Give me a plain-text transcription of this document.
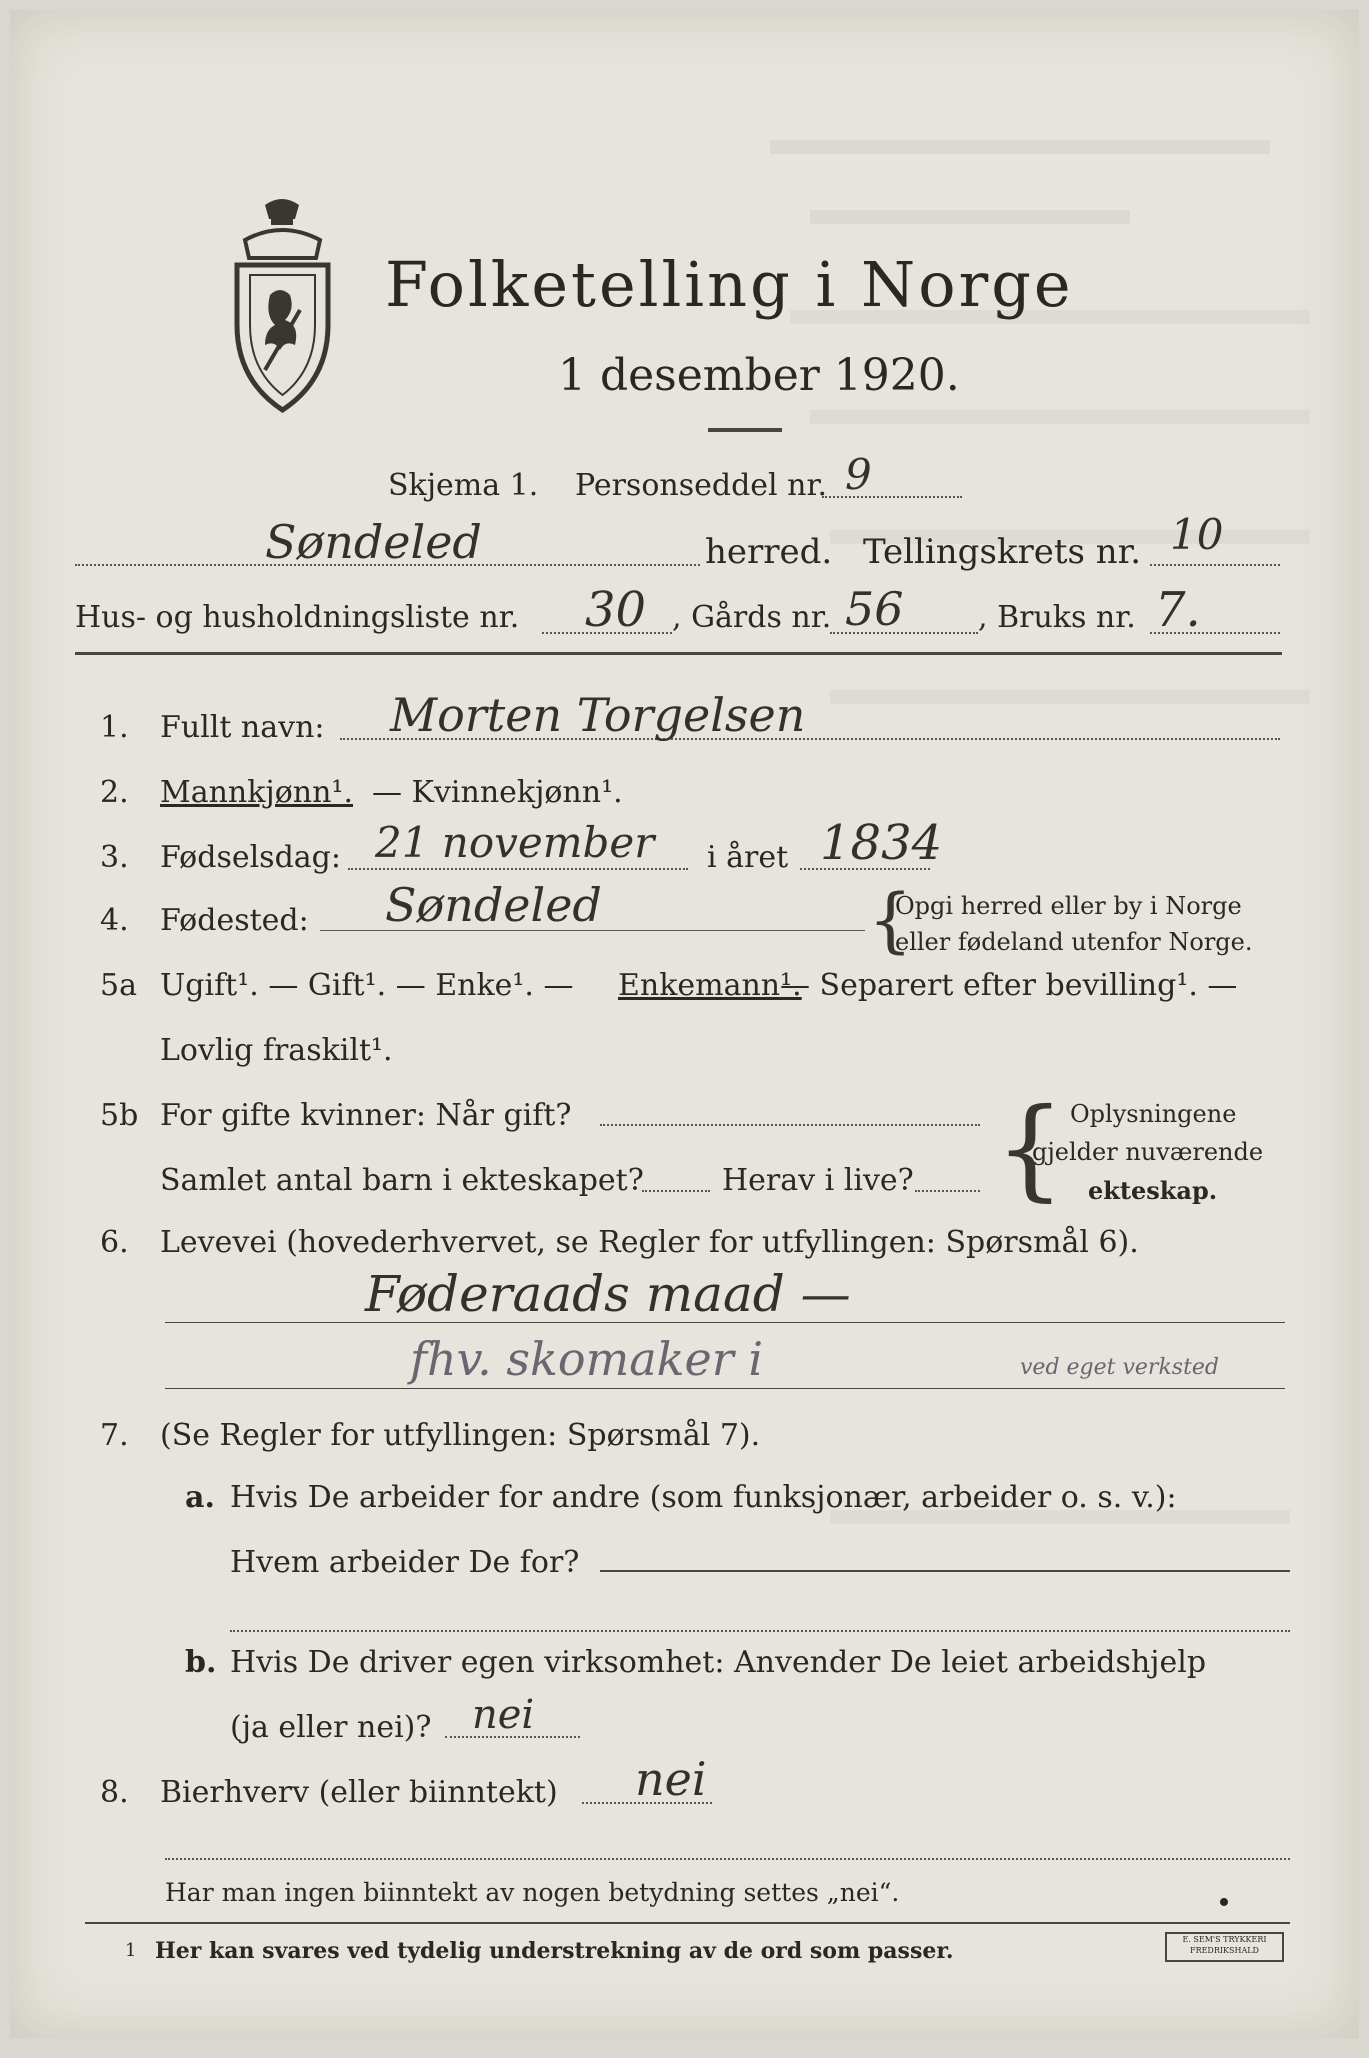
Folketelling i Norge
1 desember 1920.
Skjema 1. Personseddel nr. 9
Søndeled	herred. Tellingskrets nr. 10
Hus- og husholdningsliste nr. 30 , Gårds nr. 56 , Bruks nr. 7.
1. Fullt navn: Morten Torgelsen
2. Mannkjønn¹. — Kvinnekjønn¹.
3. Fødselsdag: 21 november i året 1834
4. Fødested: Søndeled	{
Opgi herred eller by i Norge
eller fødeland utenfor Norge.
5a Ugift¹. — Gift¹. — Enke¹. — Enkemann¹.
— Separert efter bevilling¹. —
Lovlig fraskilt¹.
5b For gifte kvinner: Når gift?
Samlet antal barn i ekteskapet?	Herav i live? { Oplysningene
gjelder nuværende
ekteskap.
6. Levevei (hovederhvervet, se Regler for utfyllingen: Spørsmål 6).
Føderaads maad —
fhv. skomaker i	ved eget verksted
7. (Se Regler for utfyllingen: Spørsmål 7).
a. Hvis De arbeider for andre (som funksjonær, arbeider o. s. v.):
Hvem arbeider De for?
b. Hvis De driver egen virksomhet: Anvender De leiet arbeidshjelp
(ja eller nei)? nei
8. Bierhverv (eller biinntekt) nei
Har man ingen biinntekt av nogen betydning settes „nei“.
1 Her kan svares ved tydelig understrekning av de ord som passer.	E. SEM'S TRYKKERI FREDRIKSHALD
